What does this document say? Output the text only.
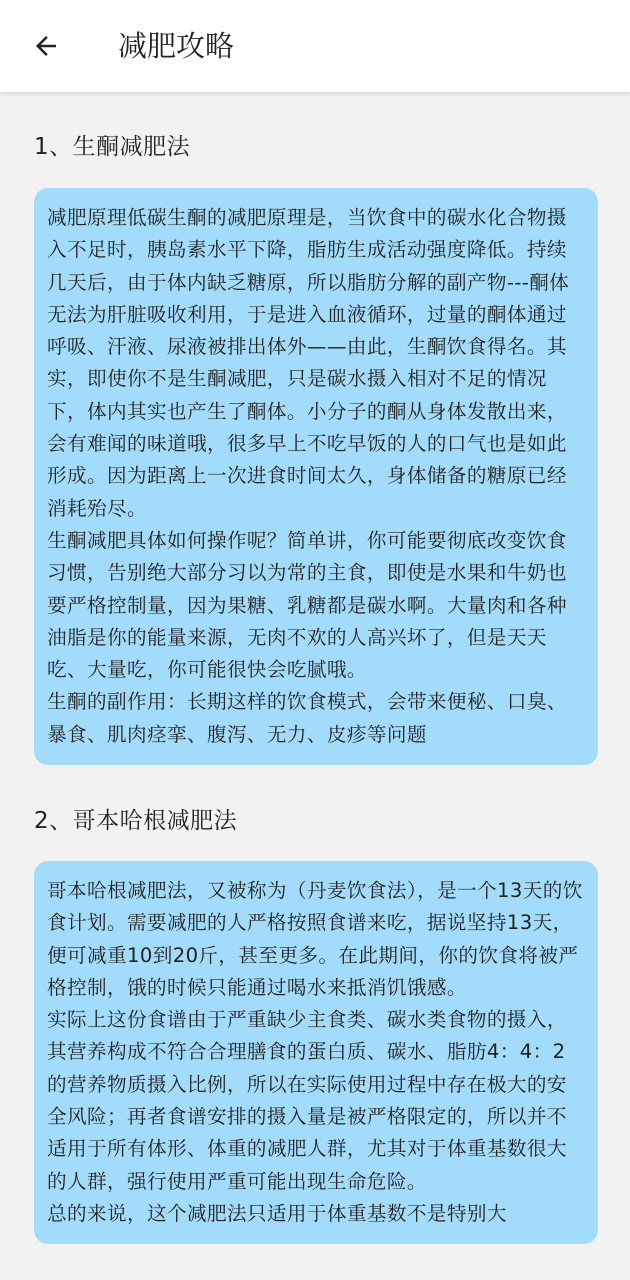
减肥攻略
1、生酮减肥法
减肥原理低碳生酮的减肥原理是，当饮食中的碳水化合物摄入不足时，胰岛素水平下降，脂肪生成活动强度降低。持续几天后，由于体内缺乏糖原，所以脂肪分解的副产物---酮体无法为肝脏吸收利用，于是进入血液循环，过量的酮体通过呼吸、汗液、尿液被排出体外——由此，生酮饮食得名。其实，即使你不是生酮减肥，只是碳水摄入相对不足的情况下，体内其实也产生了酮体。小分子的酮从身体发散出来，会有难闻的味道哦，很多早上不吃早饭的人的口气也是如此形成。因为距离上一次进食时间太久，身体储备的糖原已经消耗殆尽。
生酮减肥具体如何操作呢？简单讲，你可能要彻底改变饮食习惯，告别绝大部分习以为常的主食，即使是水果和牛奶也要严格控制量，因为果糖、乳糖都是碳水啊。大量肉和各种油脂是你的能量来源，无肉不欢的人高兴坏了，但是天天吃、大量吃，你可能很快会吃腻哦。
生酮的副作用：长期这样的饮食模式，会带来便秘、口臭、暴食、肌肉痉挛、腹泻、无力、皮疹等问题
2、哥本哈根减肥法
哥本哈根减肥法，又被称为（丹麦饮食法），是一个13天的饮食计划。需要减肥的人严格按照食谱来吃，据说坚持13天，便可减重10到20斤，甚至更多。在此期间，你的饮食将被严格控制，饿的时候只能通过喝水来抵消饥饿感。
实际上这份食谱由于严重缺少主食类、碳水类食物的摄入，其营养构成不符合合理膳食的蛋白质、碳水、脂肪4：4：2的营养物质摄入比例，所以在实际使用过程中存在极大的安全风险；再者食谱安排的摄入量是被严格限定的，所以并不适用于所有体形、体重的减肥人群，尤其对于体重基数很大的人群，强行使用严重可能出现生命危险。
总的来说，这个减肥法只适用于体重基数不是特别大
